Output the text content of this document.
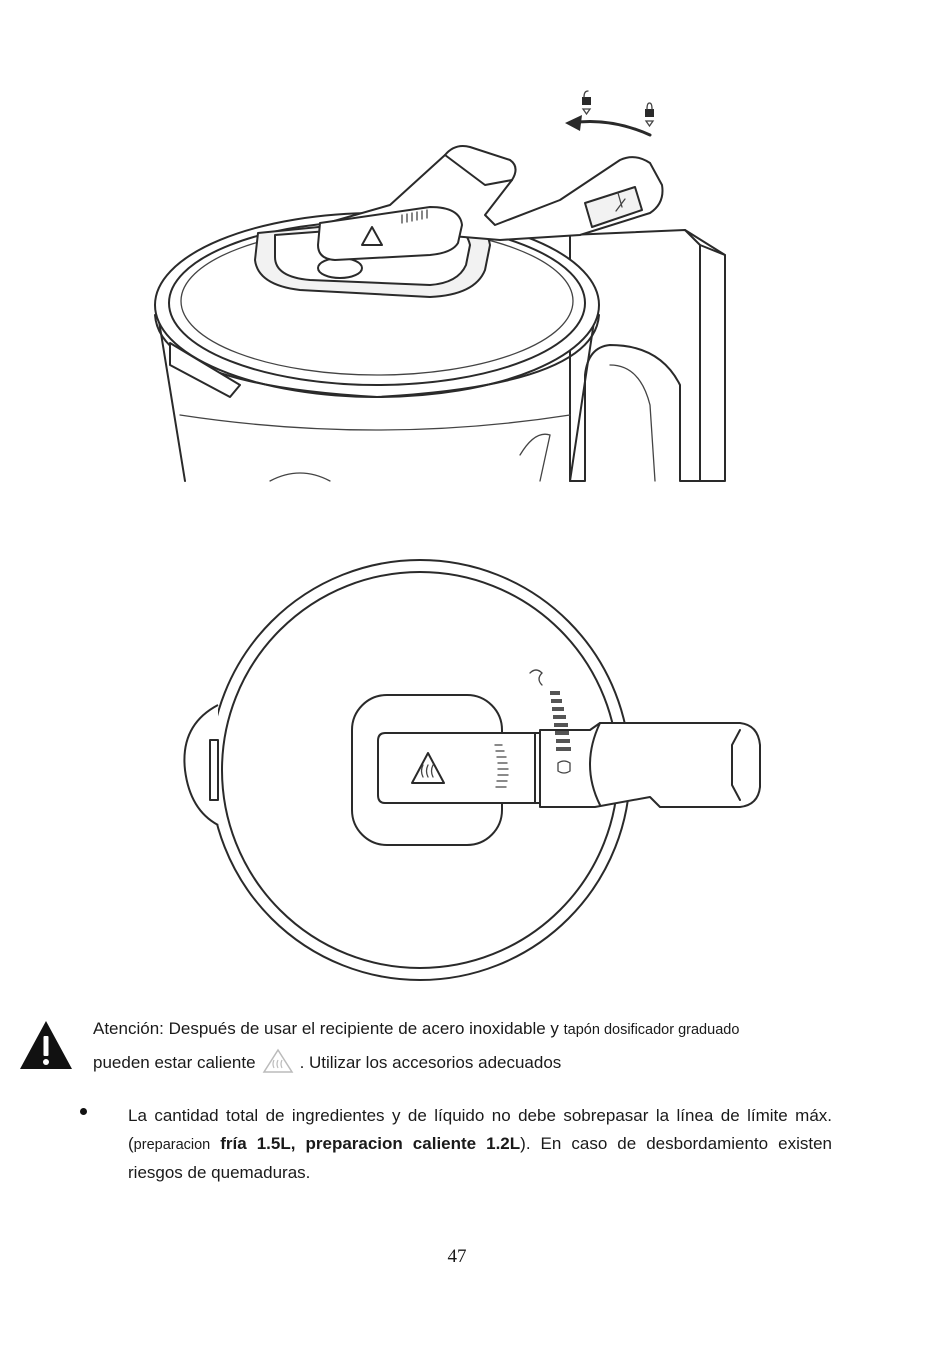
Atención: Después de usar el recipiente de acero inoxidable y tapón dosificador graduado
pueden estar caliente	. Utilizar los accesorios adecuados
La cantidad total de ingredientes y de líquido no debe sobrepasar la línea de límite máx. (preparacion fría 1.5L, preparacion caliente 1.2L). En caso de desbordamiento existen riesgos de quemaduras.
47
